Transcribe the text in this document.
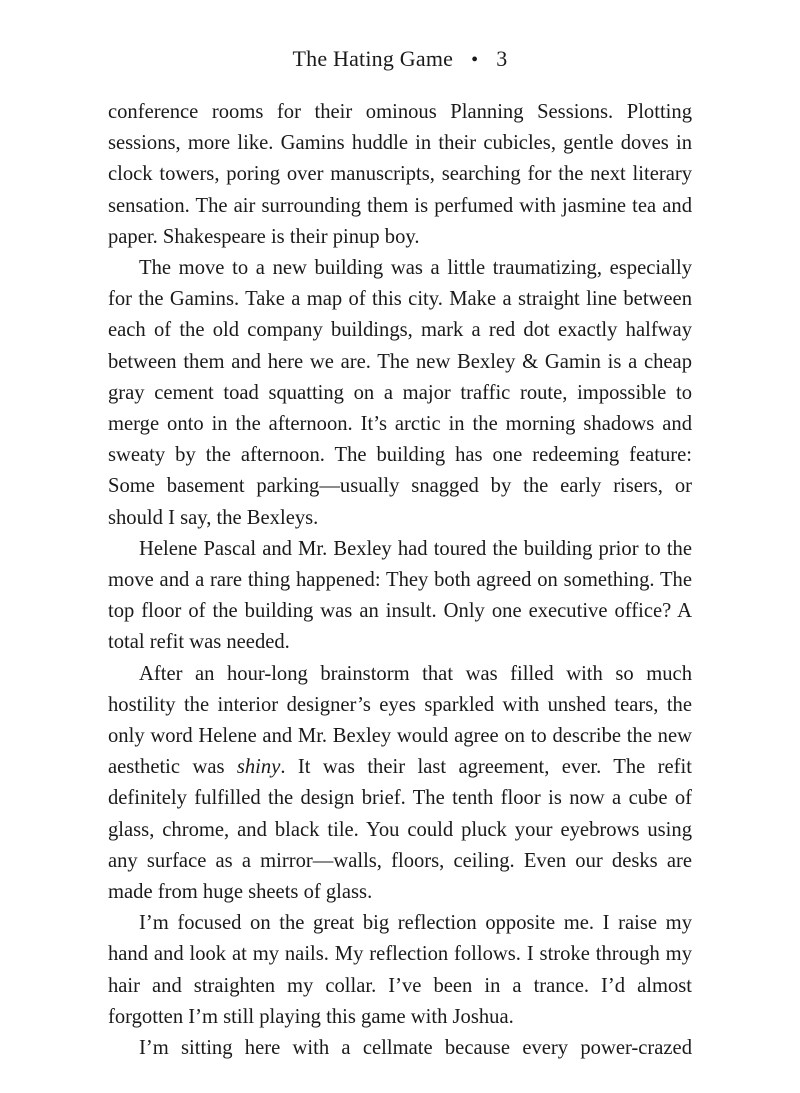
The Hating Game • 3

conference rooms for their ominous Planning Sessions. Plotting sessions, more like. Gamins huddle in their cubicles, gentle doves in clock towers, poring over manuscripts, searching for the next literary sensation. The air surrounding them is perfumed with jasmine tea and paper. Shakespeare is their pinup boy.

The move to a new building was a little traumatizing, especially for the Gamins. Take a map of this city. Make a straight line between each of the old company buildings, mark a red dot exactly halfway between them and here we are. The new Bexley & Gamin is a cheap gray cement toad squatting on a major traffic route, impossible to merge onto in the afternoon. It’s arctic in the morning shadows and sweaty by the afternoon. The building has one redeeming feature: Some basement parking—usually snagged by the early risers, or should I say, the Bexleys.

Helene Pascal and Mr. Bexley had toured the building prior to the move and a rare thing happened: They both agreed on something. The top floor of the building was an insult. Only one executive office? A total refit was needed.

After an hour-long brainstorm that was filled with so much hostility the interior designer’s eyes sparkled with unshed tears, the only word Helene and Mr. Bexley would agree on to describe the new aesthetic was shiny. It was their last agreement, ever. The refit definitely fulfilled the design brief. The tenth floor is now a cube of glass, chrome, and black tile. You could pluck your eyebrows using any surface as a mirror—walls, floors, ceiling. Even our desks are made from huge sheets of glass.

I’m focused on the great big reflection opposite me. I raise my hand and look at my nails. My reflection follows. I stroke through my hair and straighten my collar. I’ve been in a trance. I’d almost forgotten I’m still playing this game with Joshua.

I’m sitting here with a cellmate because every power-crazed
